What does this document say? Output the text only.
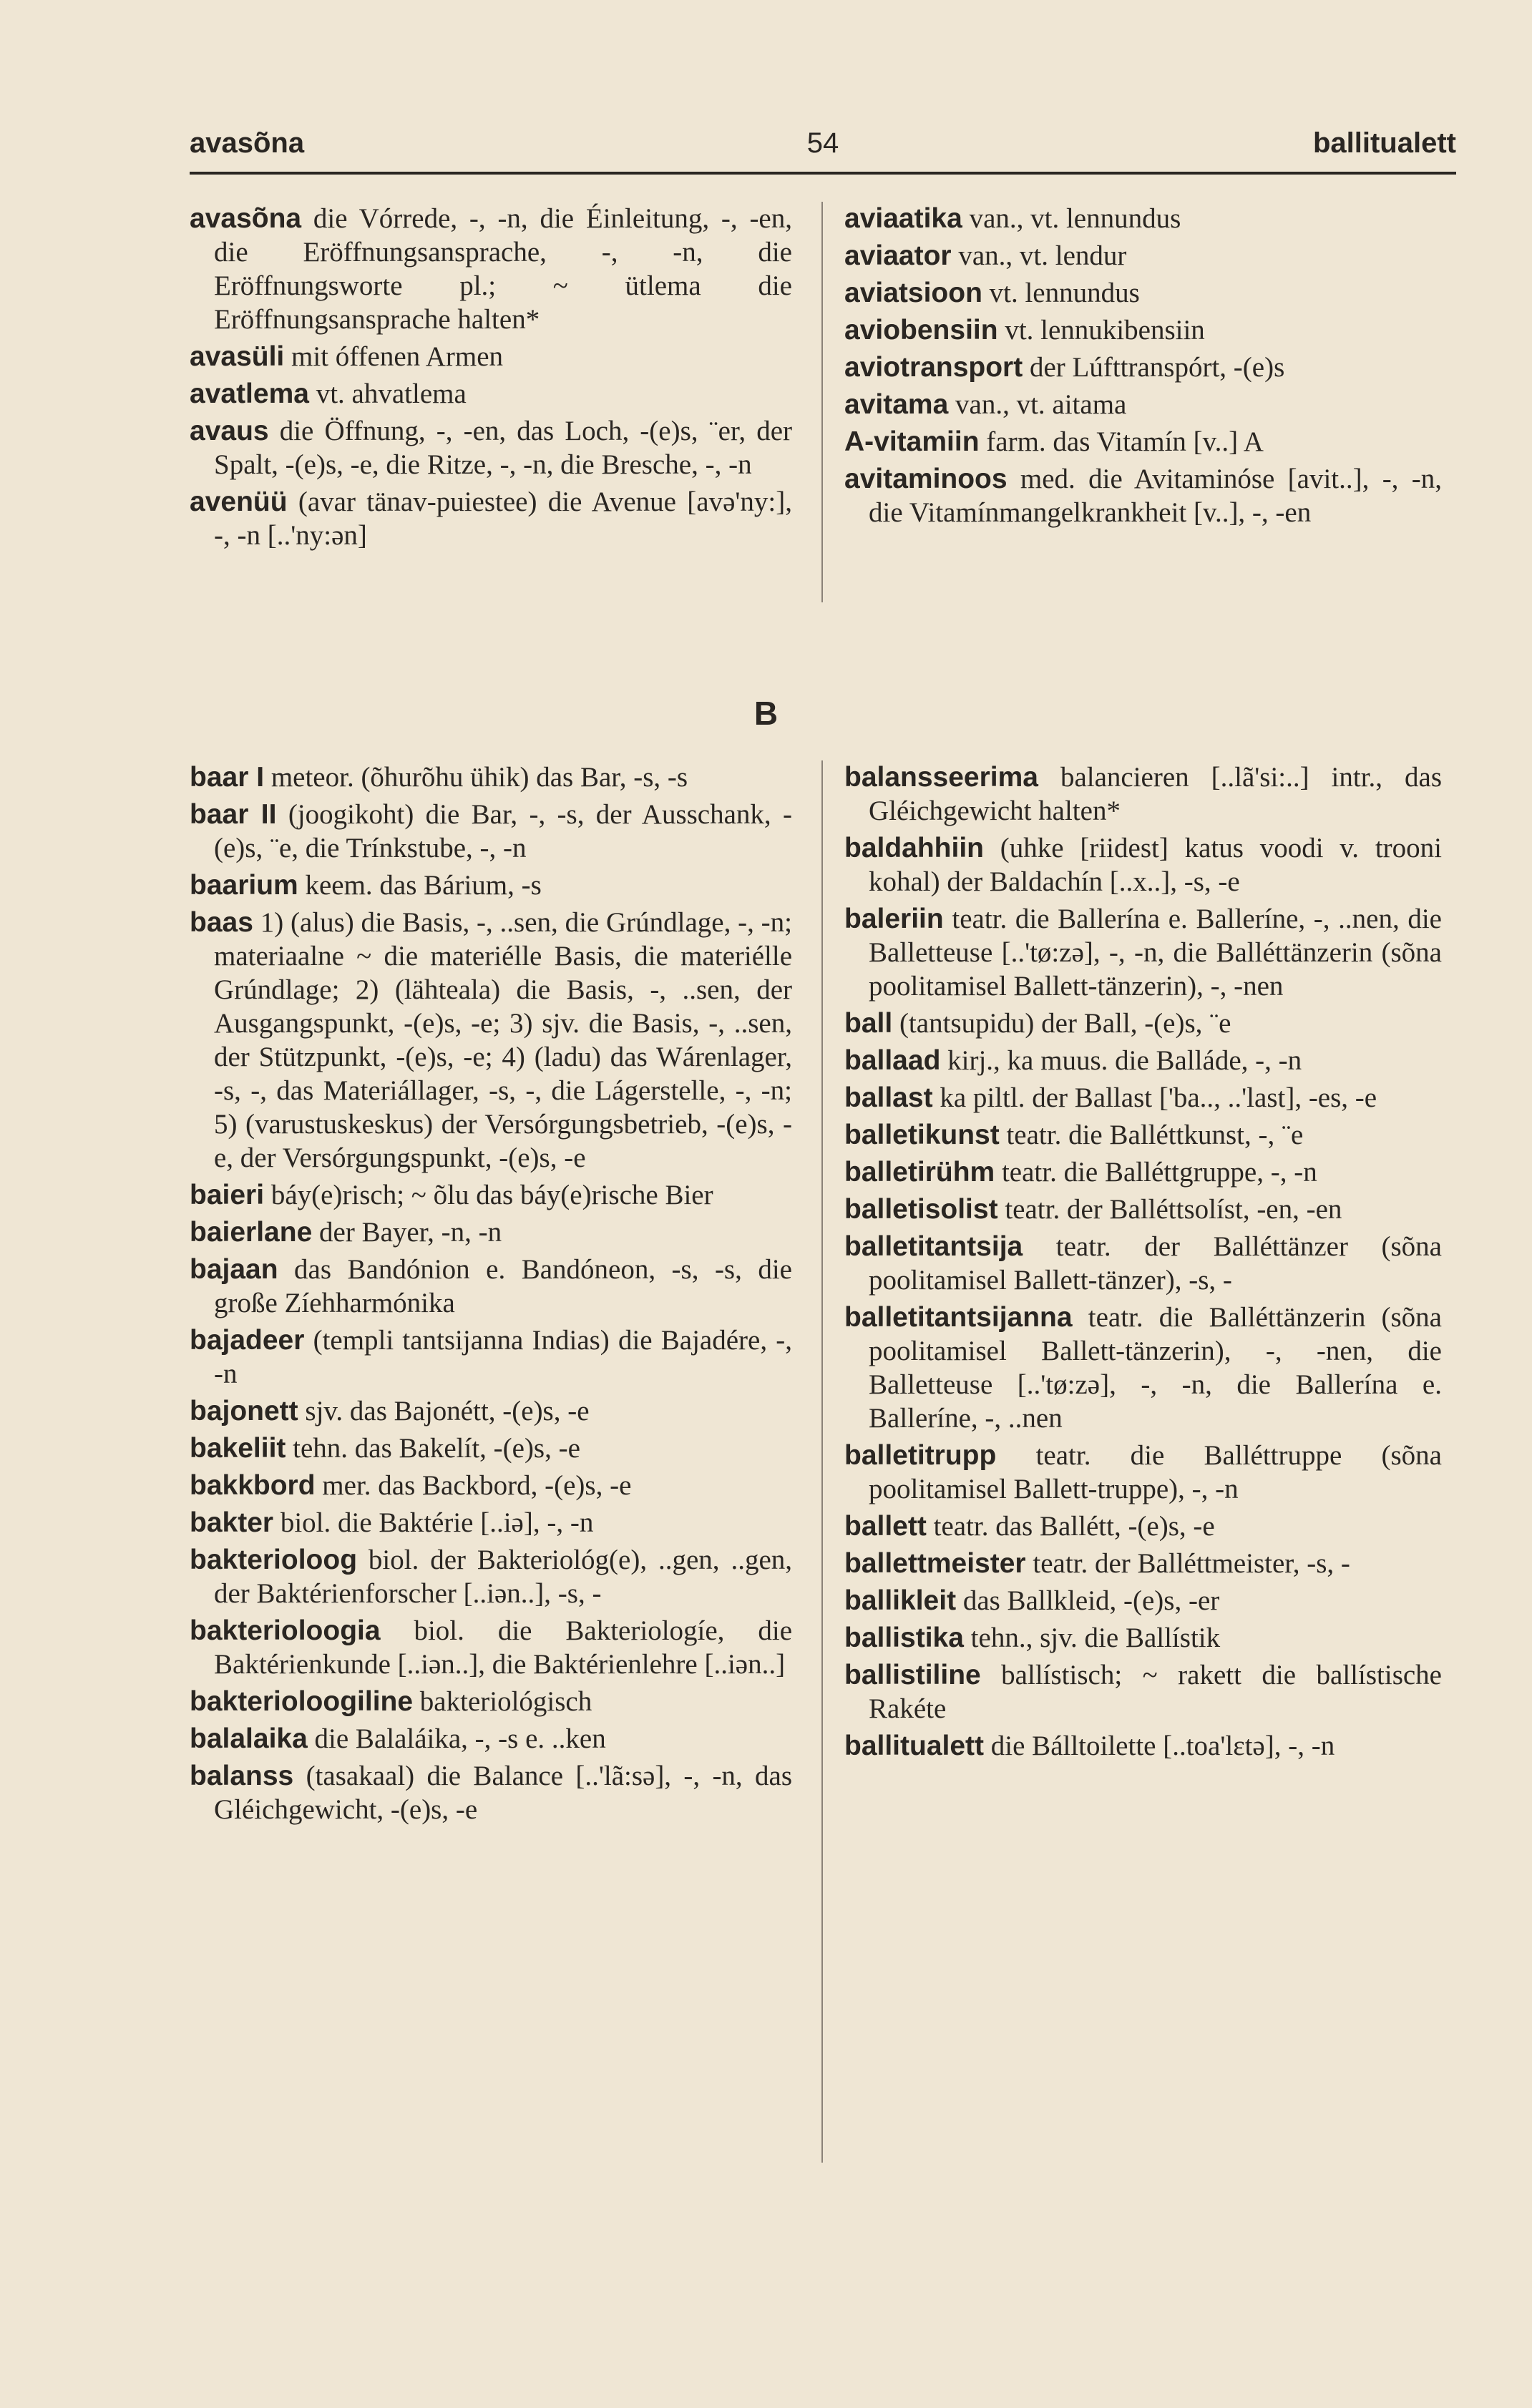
avasõna	54	ballitualett
avasõna die Vórrede, -, -n, die Éinleitung, -, -en, die Eröffnungsansprache, -, -n, die Eröffnungsworte pl.; ~ ütlema die Eröffnungsansprache halten*
avasüli mit óffenen Armen
avatlema vt. ahvatlema
avaus die Öffnung, -, -en, das Loch, -(e)s, ¨er, der Spalt, -(e)s, -e, die Ritze, -, -n, die Bresche, -, -n
avenüü (avar tänav-puiestee) die Avenue [avə'ny:], -, -n [..'ny:ən]
aviaatika van., vt. lennundus
aviaator van., vt. lendur
aviatsioon vt. lennundus
aviobensiin vt. lennukibensiin
aviotransport der Lúfttranspórt, -(e)s
avitama van., vt. aitama
A-vitamiin farm. das Vitamín [v..] A
avitaminoos med. die Avitaminóse [avit..], -, -n, die Vitamínmangelkrankheit [v..], -, -en
B
baar I meteor. (õhurõhu ühik) das Bar, -s, -s
baar II (joogikoht) die Bar, -, -s, der Ausschank, -(e)s, ¨e, die Trínkstube, -, -n
baarium keem. das Bárium, -s
baas 1) (alus) die Basis, -, ..sen, die Grúndlage, -, -n; materiaalne ~ die materiélle Basis, die materiélle Grúndlage; 2) (lähteala) die Basis, -, ..sen, der Ausgangspunkt, -(e)s, -e; 3) sjv. die Basis, -, ..sen, der Stützpunkt, -(e)s, -e; 4) (ladu) das Wárenlager, -s, -, das Materiállager, -s, -, die Lágerstelle, -, -n; 5) (varustuskeskus) der Versórgungsbetrieb, -(e)s, -e, der Versórgungspunkt, -(e)s, -e
baieri báy(e)risch; ~ õlu das báy(e)rische Bier
baierlane der Bayer, -n, -n
bajaan das Bandónion e. Bandóneon, -s, -s, die große Zíehharmónika
bajadeer (templi tantsijanna Indias) die Bajadére, -, -n
bajonett sjv. das Bajonétt, -(e)s, -e
bakeliit tehn. das Bakelít, -(e)s, -e
bakkbord mer. das Backbord, -(e)s, -e
bakter biol. die Baktérie [..iə], -, -n
bakterioloog biol. der Bakteriológ(e), ..gen, ..gen, der Baktérienforscher [..iən..], -s, -
bakterioloogia biol. die Bakteriologíe, die Baktérienkunde [..iən..], die Baktérienlehre [..iən..]
bakterioloogiline bakteriológisch
balalaika die Balaláika, -, -s e. ..ken
balanss (tasakaal) die Balance [..'lã:sə], -, -n, das Gléichgewicht, -(e)s, -e
balansseerima balancieren [..lã'si:..] intr., das Gléichgewicht halten*
baldahhiin (uhke [riidest] katus voodi v. trooni kohal) der Baldachín [..x..], -s, -e
baleriin teatr. die Ballerína e. Balleríne, -, ..nen, die Balletteuse [..'tø:zə], -, -n, die Balléttänzerin (sõna poolitamisel Ballett-tänzerin), -, -nen
ball (tantsupidu) der Ball, -(e)s, ¨e
ballaad kirj., ka muus. die Balláde, -, -n
ballast ka piltl. der Ballast ['ba.., ..'last], -es, -e
balletikunst teatr. die Balléttkunst, -, ¨e
balletirühm teatr. die Balléttgruppe, -, -n
balletisolist teatr. der Balléttsolíst, -en, -en
balletitantsija teatr. der Balléttänzer (sõna poolitamisel Ballett-tänzer), -s, -
balletitantsijanna teatr. die Balléttänzerin (sõna poolitamisel Ballett-tänzerin), -, -nen, die Balletteuse [..'tø:zə], -, -n, die Ballerína e. Balleríne, -, ..nen
balletitrupp teatr. die Balléttruppe (sõna poolitamisel Ballett-truppe), -, -n
ballett teatr. das Ballétt, -(e)s, -e
ballettmeister teatr. der Balléttmeister, -s, -
ballikleit das Ballkleid, -(e)s, -er
ballistika tehn., sjv. die Ballístik
ballistiline ballístisch; ~ rakett die ballístische Rakéte
ballitualett die Bálltoilette [..toa'lεtə], -, -n
